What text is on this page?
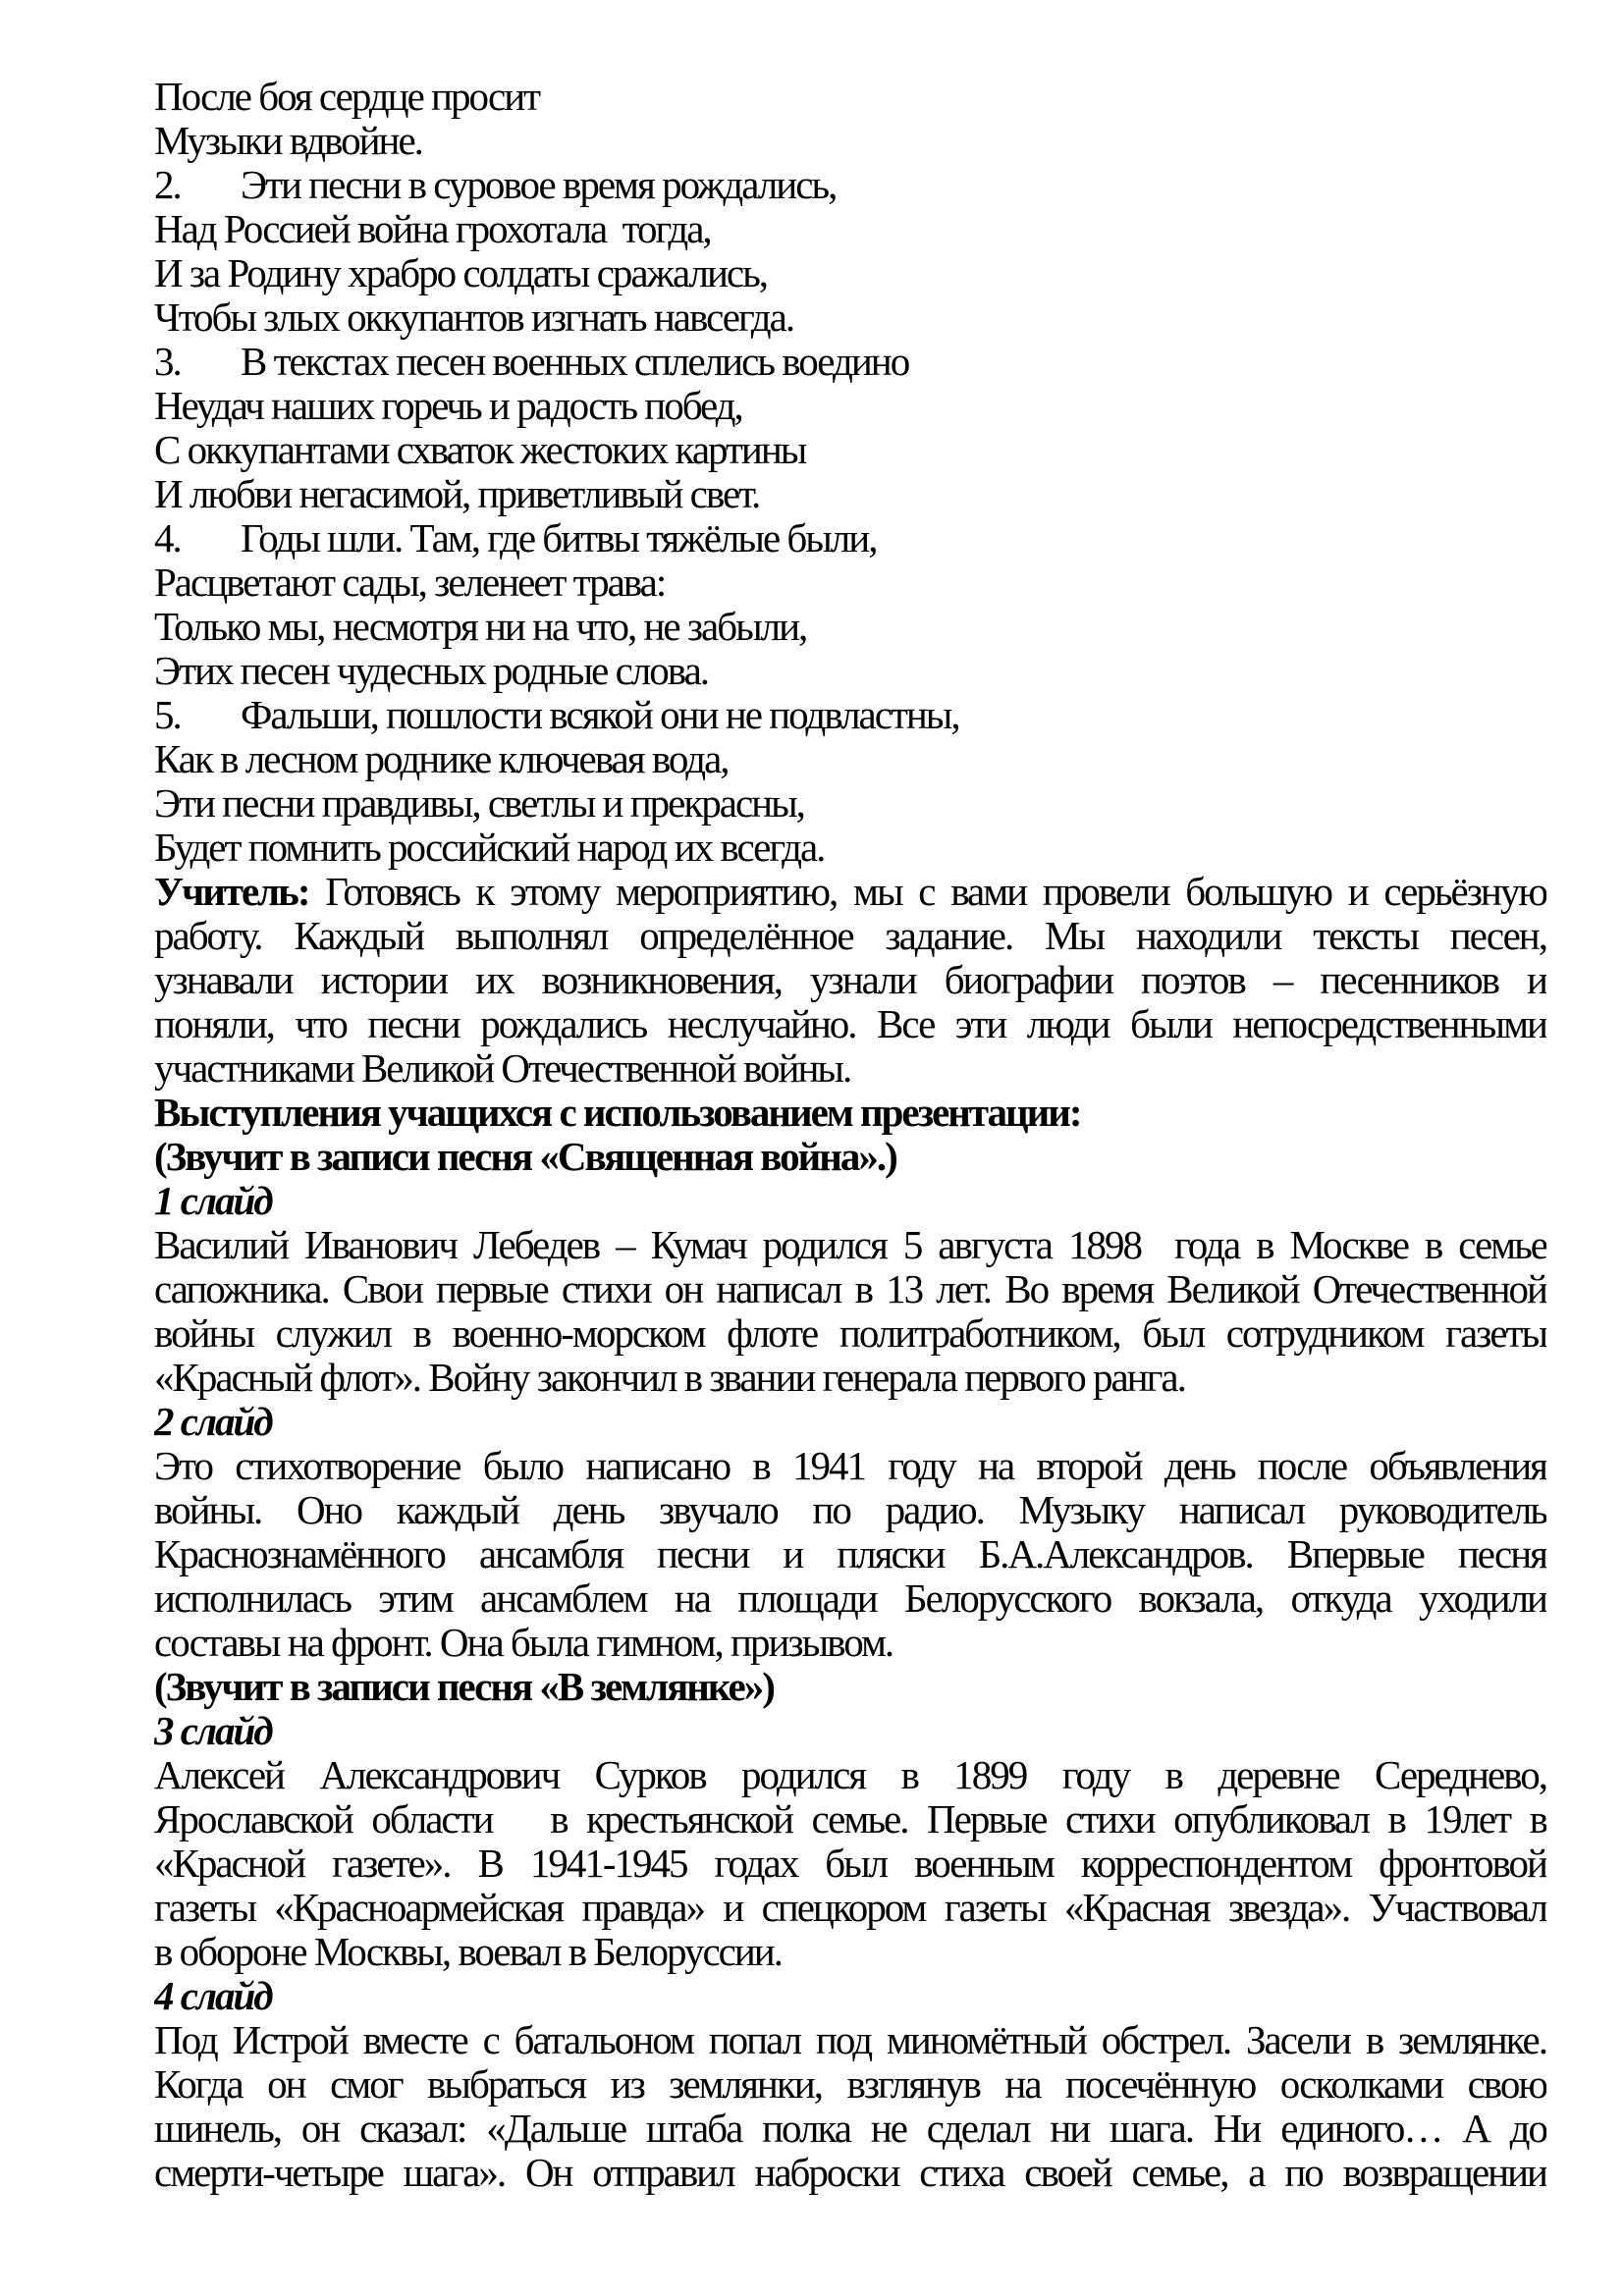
После боя сердце просит
Музыки вдвойне.
2. Эти песни в суровое время рождались,
Над Россией война грохотала  тогда,
И за Родину храбро солдаты сражались,
Чтобы злых оккупантов изгнать навсегда.
3. В текстах песен военных сплелись воедино
Неудач наших горечь и радость побед,
С оккупантами схваток жестоких картины
И любви негасимой, приветливый свет.
4. Годы шли. Там, где битвы тяжёлые были,
Расцветают сады, зеленеет трава:
Только мы, несмотря ни на что, не забыли,
Этих песен чудесных родные слова.
5. Фальши, пошлости всякой они не подвластны,
Как в лесном роднике ключевая вода,
Эти песни правдивы, светлы и прекрасны,
Будет помнить российский народ их всегда.
Учитель: Готовясь к этому мероприятию, мы с вами провели большую и серьёзную
работу. Каждый выполнял определённое задание. Мы находили тексты песен,
узнавали истории их возникновения, узнали биографии поэтов – песенников и
поняли, что песни рождались неслучайно. Все эти люди были непосредственными
участниками Великой Отечественной войны.
Выступления учащихся с использованием презентации:
(Звучит в записи песня «Священная война».)
1 слайд
Василий Иванович Лебедев – Кумач родился 5 августа 1898  года в Москве в семье
сапожника. Свои первые стихи он написал в 13 лет. Во время Великой Отечественной
войны служил в военно-морском флоте политработником, был сотрудником газеты
«Красный флот». Войну закончил в звании генерала первого ранга.
2 слайд
Это стихотворение было написано в 1941 году на второй день после объявления
войны. Оно каждый день звучало по радио. Музыку написал руководитель
Краснознамённого ансамбля песни и пляски Б.А.Александров. Впервые песня
исполнилась этим ансамблем на площади Белорусского вокзала, откуда уходили
составы на фронт. Она была гимном, призывом.
(Звучит в записи песня «В землянке»)
3 слайд
Алексей Александрович Сурков родился в 1899 году в деревне Середнево,
Ярославской области   в крестьянской семье. Первые стихи опубликовал в 19лет в
«Красной газете». В 1941-1945 годах был военным корреспондентом фронтовой
газеты «Красноармейская правда» и спецкором газеты «Красная звезда». Участвовал
в обороне Москвы, воевал в Белоруссии.
4 слайд
Под Истрой вместе с батальоном попал под миномётный обстрел. Засели в землянке.
Когда он смог выбраться из землянки, взглянув на посечённую осколками свою
шинель, он сказал: «Дальше штаба полка не сделал ни шага. Ни единого… А до
смерти-четыре шага». Он отправил наброски стиха своей семье, а по возвращении
